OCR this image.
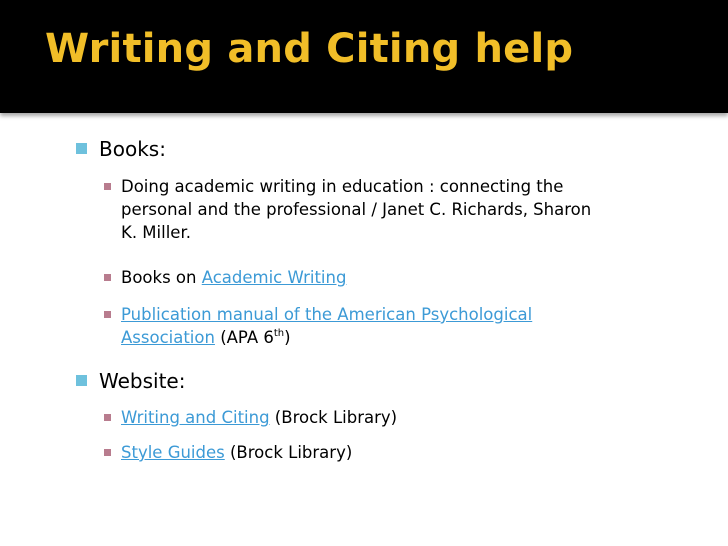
Writing and Citing help
Books:
Doing academic writing in education : connecting the
personal and the professional / Janet C. Richards, Sharon
K. Miller.
Books on Academic Writing
Publication manual of the American Psychological
Association (APA 6th)
Website:
Writing and Citing (Brock Library)
Style Guides (Brock Library)
